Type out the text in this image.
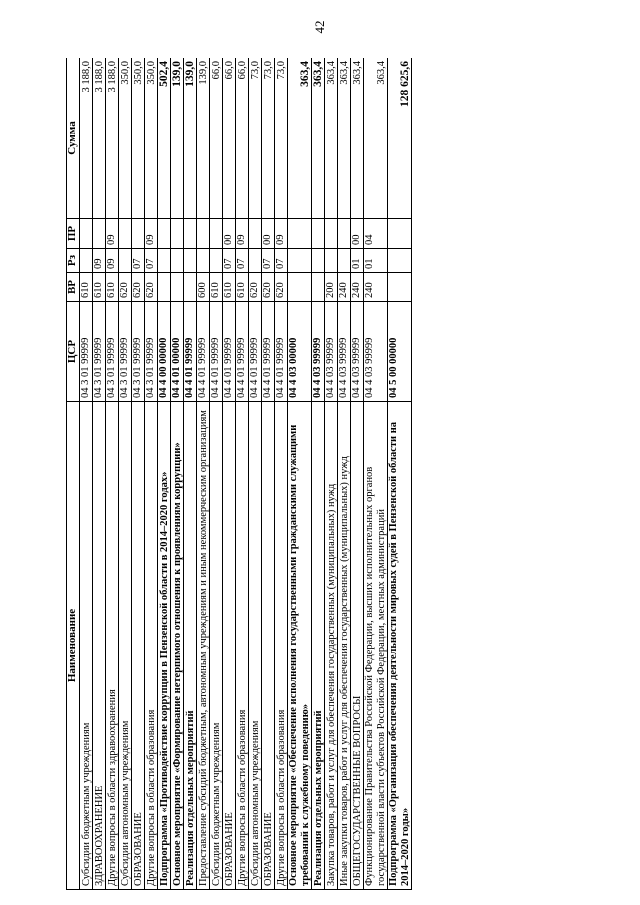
42
Наименование	ЦСР	ВР	Рз	ПР	Сумма
Субсидии бюджетным учреждениям	04 3 01 99999	610			3 188,0
ЗДРАВООХРАНЕНИЕ	04 3 01 99999	610	09		3 188,0
Другие вопросы в области здравоохранения	04 3 01 99999	610	09	09	3 188,0
Субсидии автономным учреждениям	04 3 01 99999	620			350,0
ОБРАЗОВАНИЕ	04 3 01 99999	620	07		350,0
Другие вопросы в области образования	04 3 01 99999	620	07	09	350,0
Подпрограмма «Противодействие коррупции в Пензенской области в 2014–2020 годах»	04 4 00 00000				502,4
Основное мероприятие «Формирование нетерпимого отношения к проявлениям коррупции»	04 4 01 00000				139,0
Реализация отдельных мероприятий	04 4 01 99999				139,0
Предоставление субсидий бюджетным, автономным учреждениям и иным некоммерческим организациям	04 4 01 99999	600			139,0
Субсидии бюджетным учреждениям	04 4 01 99999	610			66,0
ОБРАЗОВАНИЕ	04 4 01 99999	610	07	00	66,0
Другие вопросы в области образования	04 4 01 99999	610	07	09	66,0
Субсидии автономным учреждениям	04 4 01 99999	620			73,0
ОБРАЗОВАНИЕ	04 4 01 99999	620	07	00	73,0
Другие вопросы в области образования	04 4 01 99999	620	07	09	73,0
Основное мероприятие «Обеспечение исполнения государственными гражданскими служащими требований к служебному поведению»	04 4 03 00000				363,4
Реализация отдельных мероприятий	04 4 03 99999				363,4
Закупка товаров, работ и услуг для обеспечения государственных (муниципальных) нужд	04 4 03 99999	200			363,4
Иные закупки товаров, работ и услуг для обеспечения государственных (муниципальных) нужд	04 4 03 99999	240			363,4
ОБЩЕГОСУДАРСТВЕННЫЕ ВОПРОСЫ	04 4 03 99999	240	01	00	363,4
Функционирование Правительства Российской Федерации, высших исполнительных органов государственной власти субъектов Российской Федерации, местных администраций	04 4 03 99999	240	01	04	363,4
Подпрограмма «Организация обеспечения деятельности мировых судей в Пензенской области на 2014–2020 годы»	04 5 00 00000				128 625,6
